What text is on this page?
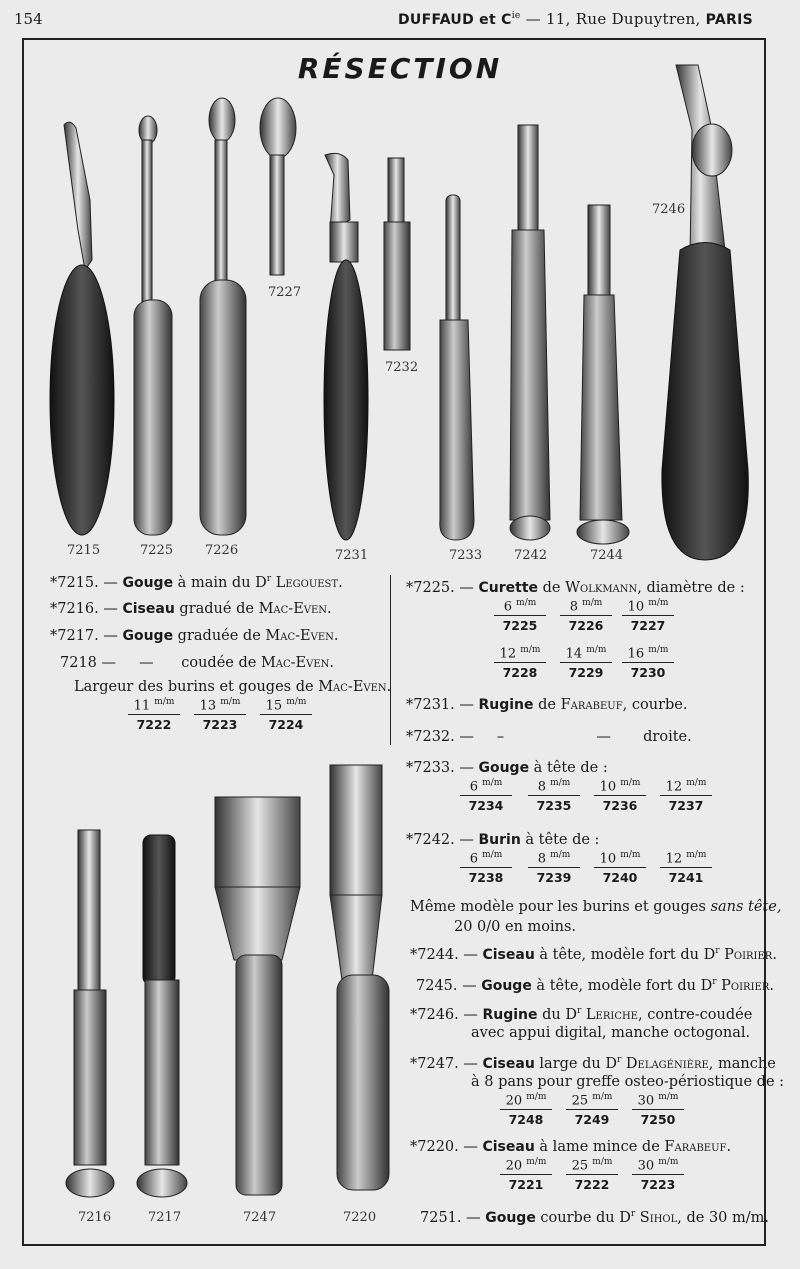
154	DUFFAUD et $C^{ie}$ — 11, Rue Dupuytren, PARIS
RÉSECTION
7215	7225 7226	7231	7233 7242	7244
7227
7232
7246
7216	7217	7247	7220
*7215. — Gouge à main du $D^r$ Legouest.
*7216. — Ciseau gradué de Mac-Even.
*7217. — Gouge graduée de Mac-Even.
7218 — — coudée de Mac-Even.
Largeur des burins et gouges de Mac-Even.
$\frac{11 ^{m/m}}{7222} \frac{13 ^{m/m}}{7223} \frac{15 ^{m/m}}{7224}$
*7225. — Curette de Wolkmann, diamètre de :
$\frac{6 ^{m/m}}{7225} \frac{8 ^{m/m}}{7226} \frac{10 ^{m/m}}{7227}$
$\frac{12 ^{m/m}}{7228} \frac{14 ^{m/m}}{7229} \frac{16 ^{m/m}}{7230}$
*7231. — Rugine de Farabeuf, courbe.
*7232. — –	— droite.
*7233. — Gouge à tête de :
$\frac{6 ^{m/m}}{7234} \frac{8 ^{m/m}}{7235} \frac{10 ^{m/m}}{7236} \frac{12 ^{m/m}}{7237}$
*7242. — Burin à tête de :
$\frac{6 ^{m/m}}{7238} \frac{8 ^{m/m}}{7239} \frac{10 ^{m/m}}{7240} \frac{12 ^{m/m}}{7241}$
Même modèle pour les burins et gouges sans tête,
20 0/0 en moins.
*7244. — Ciseau à tête, modèle fort du $D^r$ Poirier.
7245. — Gouge à tête, modèle fort du $D^r$ Poirier.
*7246. — Rugine du $D^r$ Leriche, contre-coudée
avec appui digital, manche octogonal.
*7247. — Ciseau large du $D^r$ Delagénière, manche
à 8 pans pour greffe osteo-périostique de :
$\frac{20 ^{m/m}}{7248} \frac{25 ^{m/m}}{7249} \frac{30 ^{m/m}}{7250}$
*7220. — Ciseau à lame mince de Farabeuf.
$\frac{20 ^{m/m}}{7221} \frac{25 ^{m/m}}{7222} \frac{30 ^{m/m}}{7223}$
7251. — Gouge courbe du $D^r$ Sihol, de 30 m/m.
